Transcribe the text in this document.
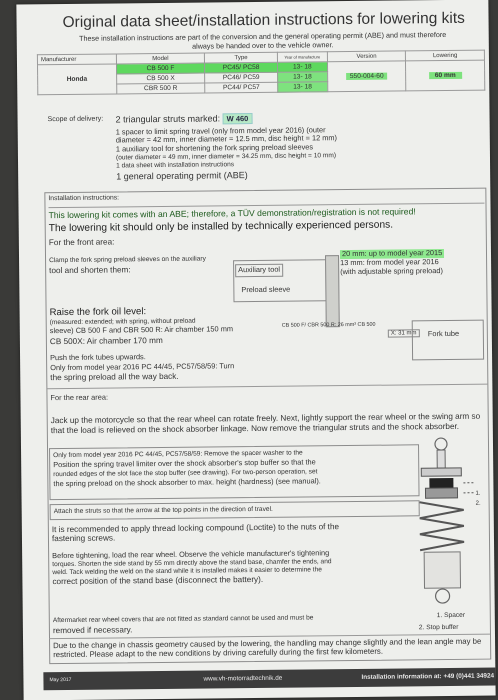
Original data sheet/installation instructions for lowering kits
These installation instructions are part of the conversion and the general operating permit (ABE) and must therefore always be handed over to the vehicle owner.
Manufacturer	Model	Type	Year of manufacture	Version	Lowering
Honda	CB 500 F	PC45/ PC58	13- 18	550-004-60	60 mm
	CB 500 X	PC46/ PC59	13- 18		
	CBR 500 R	PC44/ PC57	13- 18		
Scope of delivery: 2 triangular struts marked: W 460
1 spacer to limit spring travel (only from model year 2016) (outer
diameter = 42 mm, inner diameter = 12.5 mm, disc height = 12 mm)
1 auxiliary tool for shortening the fork spring preload sleeves
(outer diameter = 49 mm, inner diameter = 34.25 mm, disc height = 10 mm)
1 data sheet with installation instructions
1 general operating permit (ABE)
Installation instructions:
This lowering kit comes with an ABE; therefore, a TÜV demonstration/registration is not required!
The lowering kit should only be installed by technically experienced persons.
For the front area:
Clamp the fork spring preload sleeves on the auxiliary
tool and shorten them:	Auxiliary tool
Preload sleeve
20 mm: up to model year 2015
13 mm: from model year 2016
(with adjustable spring preload)
Raise the fork oil level:
(measured: extended; with spring, without preload
sleeve) CB 500 F and CBR 500 R: Air chamber 150 mm
CB 500X: Air chamber 170 mm
CB 500 F/ CBR 500 R: 26 mm³ CB 500
X: 31 mm	Fork tube
Push the fork tubes upwards.
Only from model year 2016 PC 44/45, PC57/58/59: Turn
the spring preload all the way back.
For the rear area:
Jack up the motorcycle so that the rear wheel can rotate freely. Next, lightly support the rear wheel or the swing arm so that the load is relieved on the shock absorber linkage. Now remove the triangular struts and the shock absorber.
Only from model year 2016 PC 44/45, PC57/58/59: Remove the spacer washer to the
Position the spring travel limiter over the shock absorber's stop buffer so that the
rounded edges of the slot face the stop buffer (see drawing). For two-person operation, set
the spring preload on the shock absorber to max. height (hardness) (see manual).
Attach the struts so that the arrow at the top points in the direction of travel.
It is recommended to apply thread locking compound (Loctite) to the nuts of the
fastening screws.
Before tightening, load the rear wheel. Observe the vehicle manufacturer's tightening
torques. Shorten the side stand by 55 mm directly above the stand base, chamfer the ends, and
weld. Tack welding the weld on the stand while it is installed makes it easier to determine the
correct position of the stand base (disconnect the battery).
Aftermarket rear wheel covers that are not fitted as standard cannot be used and must be
removed if necessary.
1.
2.
1. Spacer
2. Stop buffer
Due to the change in chassis geometry caused by the lowering, the handling may change slightly and the lean angle may be restricted. Please adapt to the new conditions by driving carefully during the first few kilometers.
May 2017	www.vh-motorradtechnik.de	Installation information at: +49 (0)441 34924
